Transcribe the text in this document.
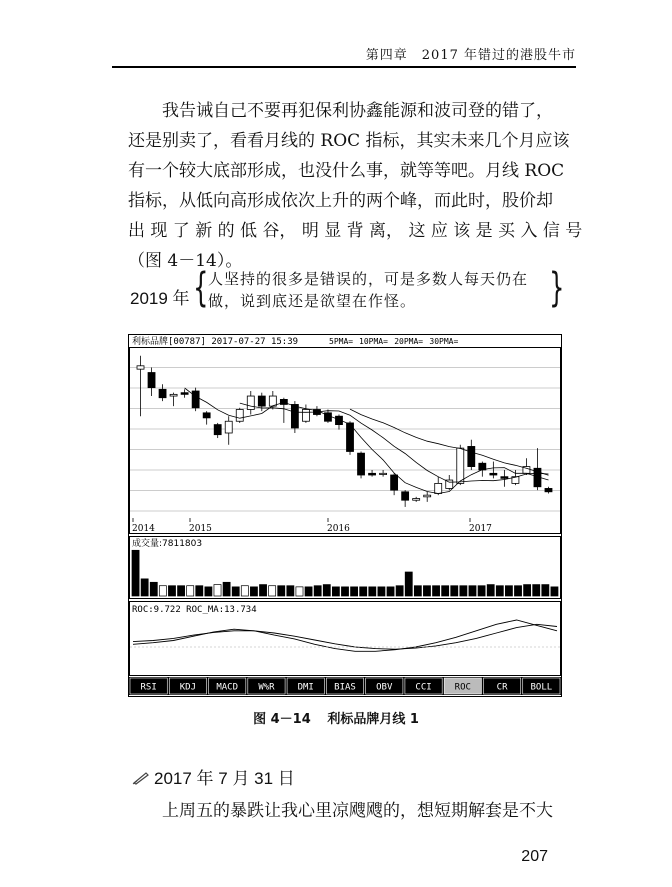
第四章　2017 年错过的港股牛市
我告诫自己不要再犯保利协鑫能源和波司登的错了，
还是别卖了，看看月线的 ROC 指标，其实未来几个月应该
有一个较大底部形成，也没什么事，就等等吧。月线 ROC
指标，从低向高形成依次上升的两个峰，而此时，股价却
出 现 了 新 的 低 谷， 明 显 背 离， 这 应 该 是 买 入 信 号
（图 4－14）。
2019 年 { 人坚持的很多是错误的，可是多数人每天仍在
做，说到底还是欲望在作怪。	}
利标品牌[00787] 2017-07-27 15:39	5PMA= 10PMA= 20PMA= 30PMA=
2014	2015	2016	2017
成交量:7811803
ROC:9.722 ROC_MA:13.734
RSI	KDJ MACD W%R	DMI BIAS OBV	CCI	ROC	CR	BOLL
图 4－14 利标品牌月线 1
2017 年 7 月 31 日
上周五的暴跌让我心里凉飕飕的，想短期解套是不大
207
